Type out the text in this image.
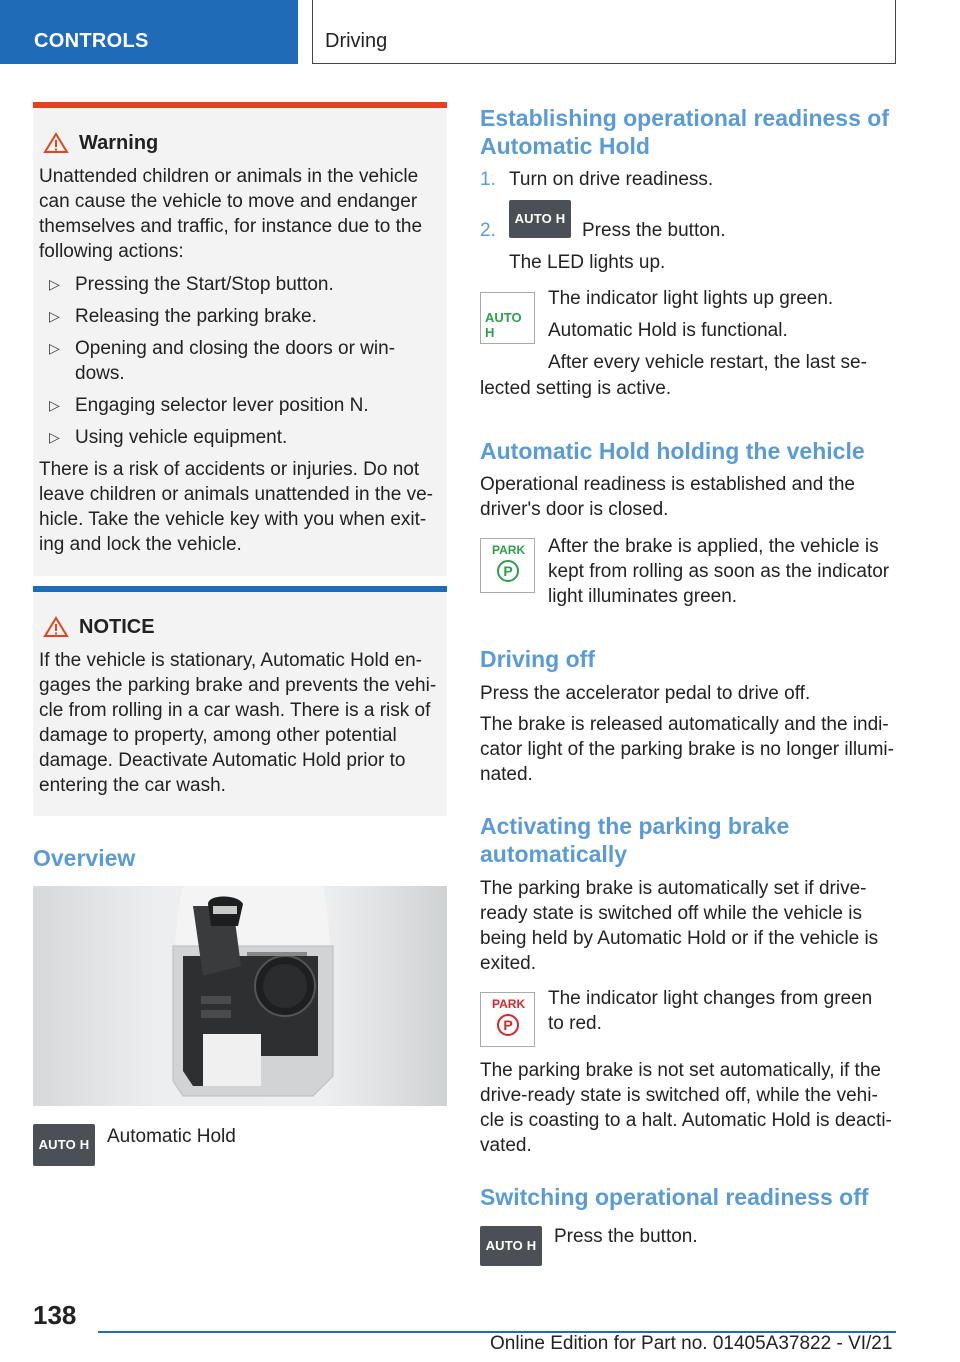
CONTROLS	Driving
Warning

Unattended children or animals in the vehicle can cause the vehicle to move and endanger themselves and traffic, for instance due to the following actions:

▷ Pressing the Start/Stop button.
▷ Releasing the parking brake.
▷ Opening and closing the doors or win-dows.
▷ Engaging selector lever position N.
▷ Using vehicle equipment.

There is a risk of accidents or injuries. Do not leave children or animals unattended in the ve-hicle. Take the vehicle key with you when exit-ing and lock the vehicle.

NOTICE

If the vehicle is stationary, Automatic Hold en-gages the parking brake and prevents the vehi-cle from rolling in a car wash. There is a risk of damage to property, among other potential damage. Deactivate Automatic Hold prior to entering the car wash.

Overview
AUTO H Automatic Hold
Establishing operational readiness of Automatic Hold
1. Turn on drive readiness.
2.
AUTO H
Press the button.
The LED lights up.
AUTO H
The indicator light lights up green.
Automatic Hold is functional.
After every vehicle restart, the last se-
lected setting is active.
Automatic Hold holding the vehicle
Operational readiness is established and the driver's door is closed.
PARK
P
After the brake is applied, the vehicle is kept from rolling as soon as the indicator light illuminates green.
Driving off
Press the accelerator pedal to drive off.
The brake is released automatically and the indi-cator light of the parking brake is no longer illumi-nated.
Activating the parking brake automatically
The parking brake is automatically set if drive-ready state is switched off while the vehicle is being held by Automatic Hold or if the vehicle is exited.
PARK
P
The indicator light changes from green to red.
The parking brake is not set automatically, if the drive-ready state is switched off, while the vehi-cle is coasting to a halt. Automatic Hold is deacti-vated.
Switching operational readiness off
AUTO H Press the button.
138
Online Edition for Part no. 01405A37822 - VI/21
